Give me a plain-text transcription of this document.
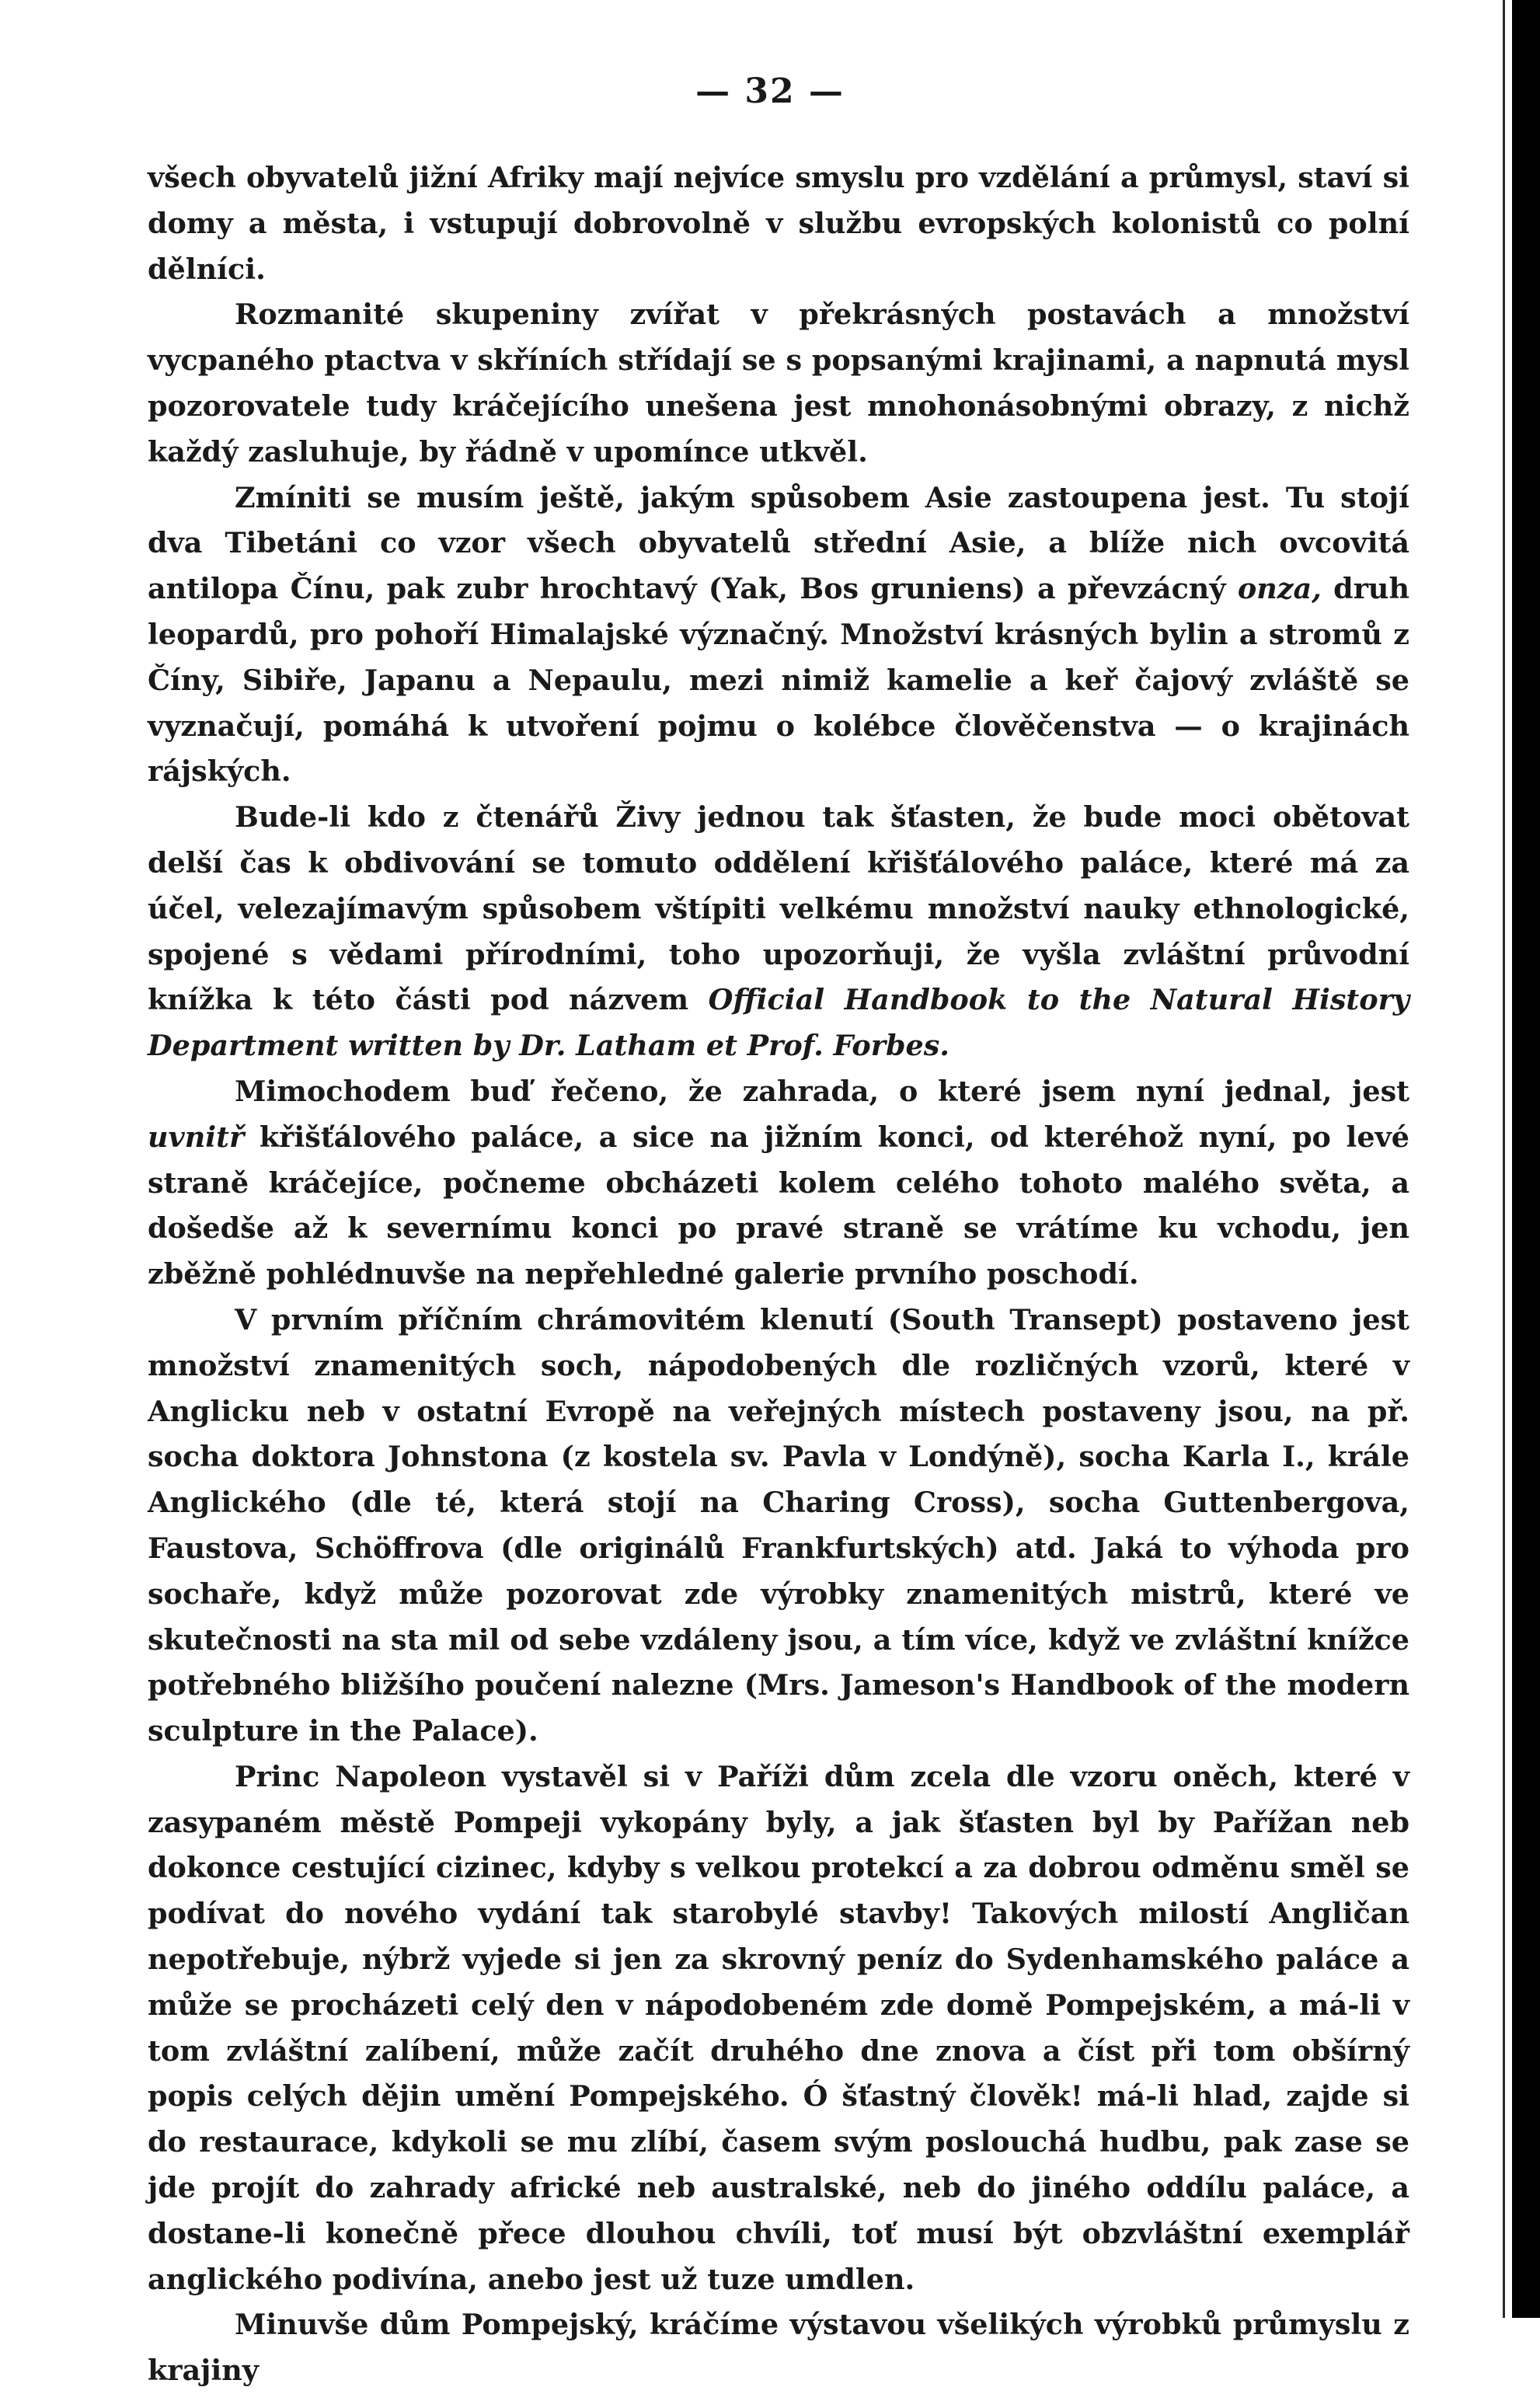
— 32 —

všech obyvatelů jižní Afriky mají nejvíce smyslu pro vzdělání a průmysl, staví si domy a města, i vstupují dobrovolně v službu evropských kolonistů co polní dělníci.

Rozmanité skupeniny zvířat v překrásných postavách a množství vycpaného ptactva v skříních střídají se s popsanými krajinami, a napnutá mysl pozorovatele tudy kráčejícího unešena jest mnohonásobnými obrazy, z nichž každý zasluhuje, by řádně v upomínce utkvěl.

Zmíniti se musím ještě, jakým spůsobem Asie zastoupena jest. Tu stojí dva Tibetáni co vzor všech obyvatelů střední Asie, a blíže nich ovcovitá antilopa Čínu, pak zubr hrochtavý (Yak, Bos gruniens) a převzácný onza, druh leopardů, pro pohoří Himalajské význačný. Množství krásných bylin a stromů z Číny, Sibiře, Japanu a Nepaulu, mezi nimiž kamelie a keř čajový zvláště se vyznačují, pomáhá k utvoření pojmu o kolébce člověčenstva — o krajinách rájských.

Bude-li kdo z čtenářů Živy jednou tak šťasten, že bude moci obětovat delší čas k obdivování se tomuto oddělení křišťálového paláce, které má za účel, velezajímavým spůsobem vštípiti velkému množství nauky ethnologické, spojené s vědami přírodními, toho upozorňuji, že vyšla zvláštní průvodní knížka k této části pod názvem Official Handbook to the Natural History Department written by Dr. Latham et Prof. Forbes.

Mimochodem buď řečeno, že zahrada, o které jsem nyní jednal, jest uvnitř křišťálového paláce, a sice na jižním konci, od kteréhož nyní, po levé straně kráčejíce, počneme obcházeti kolem celého tohoto malého světa, a došedše až k severnímu konci po pravé straně se vrátíme ku vchodu, jen zběžně pohlédnuvše na nepřehledné galerie prvního poschodí.

V prvním příčním chrámovitém klenutí (South Transept) postaveno jest množství znamenitých soch, nápodobených dle rozličných vzorů, které v Anglicku neb v ostatní Evropě na veřejných místech postaveny jsou, na př. socha doktora Johnstona (z kostela sv. Pavla v Londýně), socha Karla I., krále Anglického (dle té, která stojí na Charing Cross), socha Guttenbergova, Faustova, Schöffrova (dle originálů Frankfurtských) atd. Jaká to výhoda pro sochaře, když může pozorovat zde výrobky znamenitých mistrů, které ve skutečnosti na sta mil od sebe vzdáleny jsou, a tím více, když ve zvláštní knížce potřebného bližšího poučení nalezne (Mrs. Jameson's Handbook of the modern sculpture in the Palace).

Princ Napoleon vystavěl si v Paříži dům zcela dle vzoru oněch, které v zasypaném městě Pompeji vykopány byly, a jak šťasten byl by Pařížan neb dokonce cestující cizinec, kdyby s velkou protekcí a za dobrou odměnu směl se podívat do nového vydání tak starobylé stavby! Takových milostí Angličan nepotřebuje, nýbrž vyjede si jen za skrovný peníz do Sydenhamského paláce a může se procházeti celý den v nápodobeném zde domě Pompejském, a má-li v tom zvláštní zalíbení, může začít druhého dne znova a číst při tom obšírný popis celých dějin umění Pompejského. Ó šťastný člověk! má-li hlad, zajde si do restaurace, kdykoli se mu zlíbí, časem svým poslouchá hudbu, pak zase se jde projít do zahrady africké neb australské, neb do jiného oddílu paláce, a dostane-li konečně přece dlouhou chvíli, toť musí být obzvláštní exemplář anglického podivína, anebo jest už tuze umdlen.

Minuvše dům Pompejský, kráčíme výstavou všelikých výrobků průmyslu z krajiny
